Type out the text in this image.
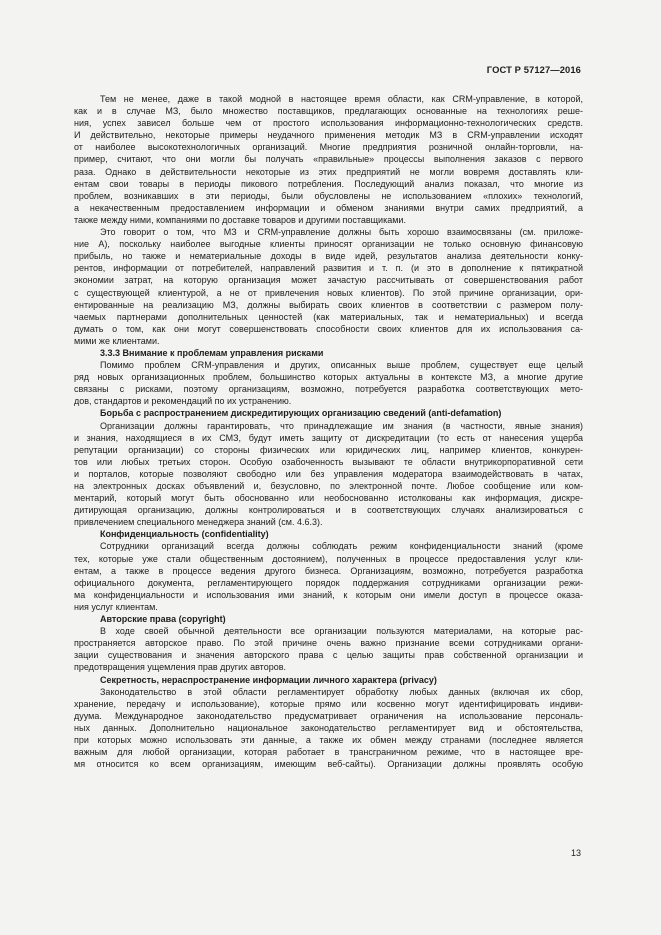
ГОСТ Р 57127—2016
Тем не менее, даже в такой модной в настоящее время области, как CRM-управление, в которой,
как и в случае МЗ, было множество поставщиков, предлагающих основанные на технологиях реше-
ния, успех зависел больше чем от простого использования информационно-технологических средств.
И действительно, некоторые примеры неудачного применения методик МЗ в CRM-управлении исходят
от наиболее высокотехнологичных организаций. Многие предприятия розничной онлайн-торговли, на-
пример, считают, что они могли бы получать «правильные» процессы выполнения заказов с первого
раза. Однако в действительности некоторые из этих предприятий не могли вовремя доставлять кли-
ентам свои товары в периоды пикового потребления. Последующий анализ показал, что многие из
проблем, возникавших в эти периоды, были обусловлены не использованием «плохих» технологий,
а некачественным предоставлением информации и обменом знаниями внутри самих предприятий, а
также между ними, компаниями по доставке товаров и другими поставщиками.
Это говорит о том, что МЗ и CRM-управление должны быть хорошо взаимосвязаны (см. приложе-
ние А), поскольку наиболее выгодные клиенты приносят организации не только основную финансовую
прибыль, но также и нематериальные доходы в виде идей, результатов анализа деятельности конку-
рентов, информации от потребителей, направлений развития и т. п. (и это в дополнение к пятикратной
экономии затрат, на которую организация может зачастую рассчитывать от совершенствования работ
с существующей клиентурой, а не от привлечения новых клиентов). По этой причине организации, ори-
ентированные на реализацию МЗ, должны выбирать своих клиентов в соответствии с размером полу-
чаемых партнерами дополнительных ценностей (как материальных, так и нематериальных) и всегда
думать о том, как они могут совершенствовать способности своих клиентов для их использования са-
мими же клиентами.
3.3.3 Внимание к проблемам управления рисками
Помимо проблем CRM-управления и других, описанных выше проблем, существует еще целый
ряд новых организационных проблем, большинство которых актуальны в контексте МЗ, а многие другие
связаны с рисками, поэтому организациям, возможно, потребуется разработка соответствующих мето-
дов, стандартов и рекомендаций по их устранению.
Борьба с распространением дискредитирующих организацию сведений (anti-defamation)
Организации должны гарантировать, что принадлежащие им знания (в частности, явные знания)
и знания, находящиеся в их СМЗ, будут иметь защиту от дискредитации (то есть от нанесения ущерба
репутации организации) со стороны физических или юридических лиц, например клиентов, конкурен-
тов или любых третьих сторон. Особую озабоченность вызывают те области внутрикорпоративной сети
и порталов, которые позволяют свободно или без управления модератора взаимодействовать в чатах,
на электронных досках объявлений и, безусловно, по электронной почте. Любое сообщение или ком-
ментарий, который могут быть обоснованно или необоснованно истолкованы как информация, дискре-
дитирующая организацию, должны контролироваться и в соответствующих случаях анализироваться с
привлечением специального менеджера знаний (см. 4.6.3).
Конфиденциальность (confidentiality)
Сотрудники организаций всегда должны соблюдать режим конфиденциальности знаний (кроме
тех, которые уже стали общественным достоянием), полученных в процессе предоставления услуг кли-
ентам, а также в процессе ведения другого бизнеса. Организациям, возможно, потребуется разработка
официального документа, регламентирующего порядок поддержания сотрудниками организации режи-
ма конфиденциальности и использования ими знаний, к которым они имели доступ в процессе оказа-
ния услуг клиентам.
Авторские права (copyright)
В ходе своей обычной деятельности все организации пользуются материалами, на которые рас-
пространяется авторское право. По этой причине очень важно признание всеми сотрудниками органи-
зации существования и значения авторского права с целью защиты прав собственной организации и
предотвращения ущемления прав других авторов.
Секретность, нераспространение информации личного характера (privacy)
Законодательство в этой области регламентирует обработку любых данных (включая их сбор,
хранение, передачу и использование), которые прямо или косвенно могут идентифицировать индиви-
дуума. Международное законодательство предусматривает ограничения на использование персональ-
ных данных. Дополнительно национальное законодательство регламентирует вид и обстоятельства,
при которых можно использовать эти данные, а также их обмен между странами (последнее является
важным для любой организации, которая работает в трансграничном режиме, что в настоящее вре-
мя относится ко всем организациям, имеющим веб-сайты). Организации должны проявлять особую
13
